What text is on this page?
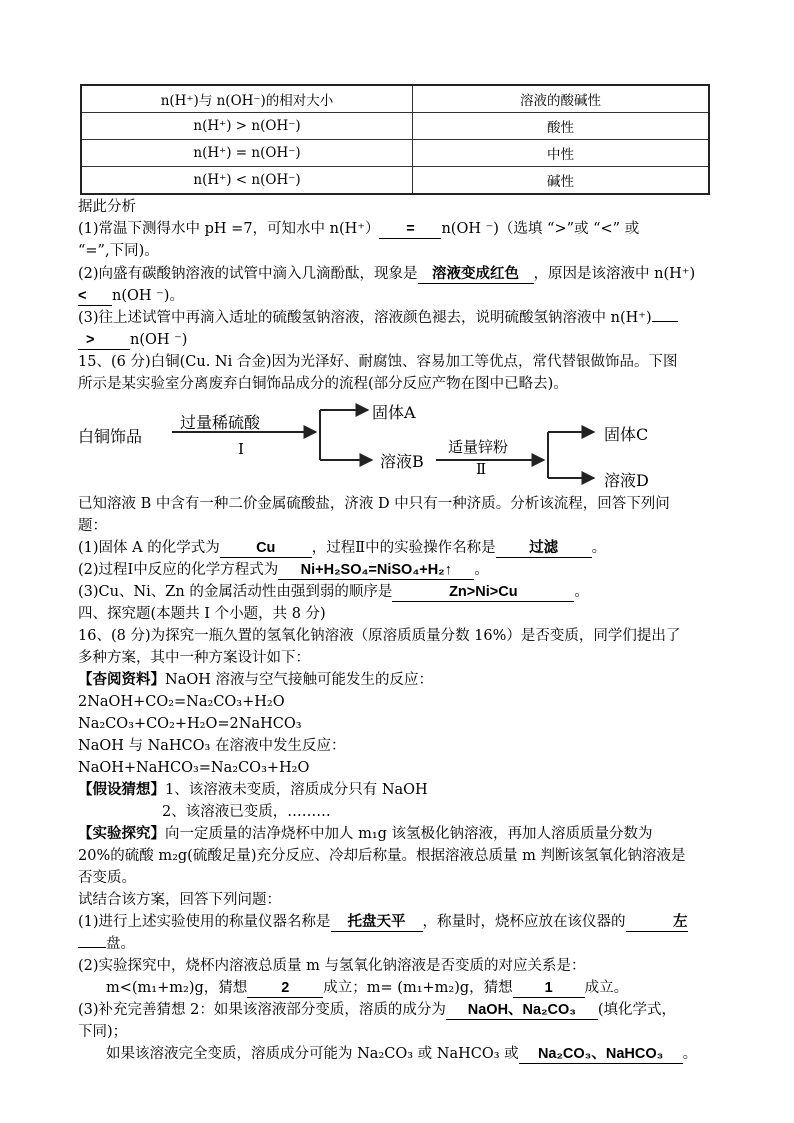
n(H⁺)与 n(OH⁻)的相对大小	溶液的酸碱性
n(H⁺) > n(OH⁻)	酸性
n(H⁺) = n(OH⁻)	中性
n(H⁺) < n(OH⁻)	碱性
据此分析
(1)常温下测得水中 pH =7，可知水中 n(H⁺） = n(OH ⁻)（选填 “>”或 “<” 或
“=”,下同)。
(2)向盛有碳酸钠溶液的试管中滴入几滴酚酞，现象是 溶液变成红色 ，原因是该溶液中 n(H⁺)
< n(OH ⁻)。
(3)往上述试管中再滴入适址的硫酸氢钠溶液，溶液颜色褪去，说明硫酸氢钠溶液中 n(H⁺)
> n(OH ⁻)
15、(6 分)白铜(Cu. Ni 合金)因为光泽好、耐腐蚀、容易加工等优点，常代替银做饰品。下图
所示是某实验室分离废弃白铜饰品成分的流程(部分反应产物在图中已略去)。
白铜饰品
过量稀硫酸
Ⅰ
固体A
溶液B
适量锌粉
Ⅱ
固体C
溶液D
已知溶液 B 中含有一种二价金属硫酸盐，济液 D 中只有一种济质。分析该流程，回答下列问
题：
(1)固体 A 的化学式为	Cu	，过程Ⅱ中的实验操作名称是 过滤 。
(2)过程Ⅰ中反应的化学方程式为 Ni+H₂SO₄=NiSO₄+H₂↑ 。
(3)Cu、Ni、Zn 的金属活动性由强到弱的顺序是	Zn>Ni>Cu	。
四、探究题(本题共 I 个小题，共 8 分)
16、(8 分)为探究一瓶久置的氢氧化钠溶液（原溶质质量分数 16%）是否变质，同学们提出了
多种方案，其中一种方案设计如下：
【杳阅资料】NaOH 溶液与空气接触可能发生的反应：
2NaOH+CO₂=Na₂CO₃+H₂O
Na₂CO₃+CO₂+H₂O=2NaHCO₃
NaOH 与 NaHCO₃ 在溶液中发生反应：
NaOH+NaHCO₃=Na₂CO₃+H₂O
【假设猜想】1、该溶液未变质，溶质成分只有 NaOH
2、该溶液已变质，………
【实验探究】向一定质量的洁净烧杯中加人 m₁g 该氢极化钠溶液，再加人溶质质量分数为
20%的硫酸 m₂g(硫酸足量)充分反应、冷却后称量。根据溶液总质量 m 判断该氢氧化钠溶液是
否变质。
试结合该方案，回答下列问题：
(1)进行上述实验使用的称量仪器名称是 托盘天平 ，称量时，烧杯应放在该仪器的	左
盘。
(2)实验探究中，烧杯内溶液总质量 m 与氢氧化钠溶液是否变质的对应关系是：
m<(m₁+m₂)g，猜想 2 成立；m= (m₁+m₂)g，猜想 1 成立。
(3)补充完善猜想 2：如果该溶液部分变质，溶质的成分为 NaOH、Na₂CO₃ (填化学式，
下同)；
如果该溶液完全变质，溶质成分可能为 Na₂CO₃ 或 NaHCO₃ 或 Na₂CO₃、NaHCO₃ 。
